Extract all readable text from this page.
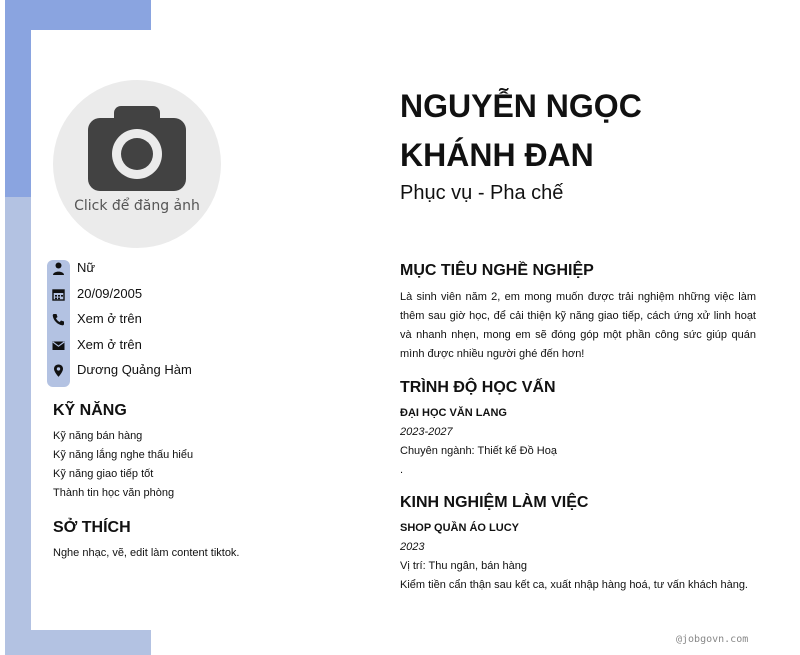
Click để đăng ảnh
Nữ
20/09/2005
Xem ở trên
Xem ở trên
Dương Quảng Hàm
KỸ NĂNG
Kỹ năng bán hàng
Kỹ năng lắng nghe thấu hiểu
Kỹ năng giao tiếp tốt
Thành tin học văn phòng
SỞ THÍCH
Nghe nhạc, vẽ, edit làm content tiktok.
NGUYỄN NGỌC
KHÁNH ĐAN
Phục vụ - Pha chế
MỤC TIÊU NGHỀ NGHIỆP

Là sinh viên năm 2, em mong muốn được trải nghiệm những việc làm thêm sau giờ học, để cải thiện kỹ năng giao tiếp, cách ứng xử linh hoạt và nhanh nhẹn, mong em sẽ đóng góp một phần công sức giúp quán mình được nhiều người ghé đến hơn!

TRÌNH ĐỘ HỌC VẤN
ĐẠI HỌC VĂN LANG
2023-2027
Chuyên ngành: Thiết kế Đồ Hoạ
.
KINH NGHIỆM LÀM VIỆC
SHOP QUẦN ÁO LUCY
2023
Vị trí: Thu ngân, bán hàng
Kiểm tiền cẩn thận sau kết ca, xuất nhập hàng hoá, tư vấn khách hàng.
@jobgovn.com
